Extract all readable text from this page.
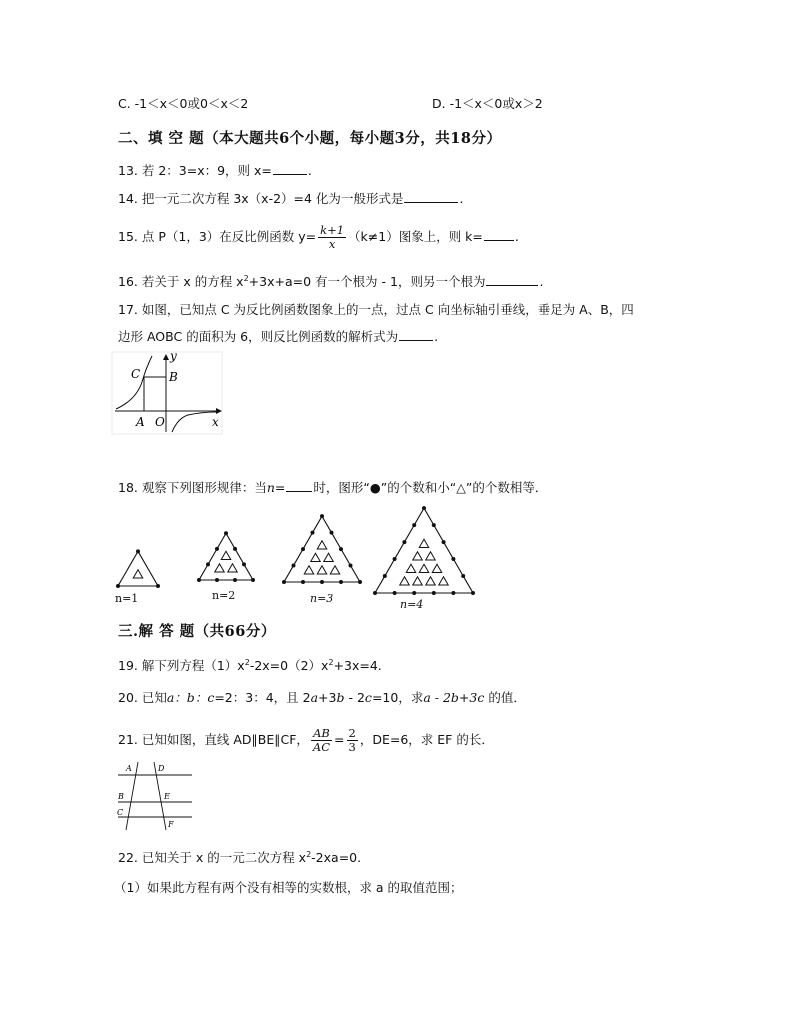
C. -1＜x＜0或0＜x＜2	D. -1＜x＜0或x＞2
二、填 空 题（本大题共6个小题，每小题3分，共18分）
13. 若 2：3=x：9，则 x=	.
14. 把一元二次方程 3x（x-2）=4 化为一般形式是	.
15. 点 P（1，3）在反比例函数 $y= \frac{k+1}{x} (k\ne 1)$图象上，则 k=	.
16. 若关于 x 的方程 $x^2+3x+a=0$ 有一个根为 - 1，则另一个根为	.
17. 如图，已知点 C 为反比例函数图象上的一点，过点 C 向坐标轴引垂线，垂足为 A、B，四
边形 AOBC 的面积为 6，则反比例函数的解析式为	.
C B
A O	x
y
18. 观察下列图形规律：当n= 时，图形“●”的个数和小“△”的个数相等．
n=1	n=2	n=3	n=4
三.解 答 题（共66分）
19. 解下列方程$(1)x^2-2x=0(2)x^2+3x=4$.
20. 已知a：b：c=2：3：4，且 2a+3b - 2c=10，求a - 2b+3c 的值．
21. 已知如图，直线 AD∥BE∥CF， $\frac{AB}{AC} = \frac{2}{3}$ ，DE=6，求 EF 的长．
A	D
B	E
C
F
22. 已知关于 x 的一元二次方程 $x^2-2xa=0$.
（1）如果此方程有两个没有相等的实数根，求 a 的取值范围；
